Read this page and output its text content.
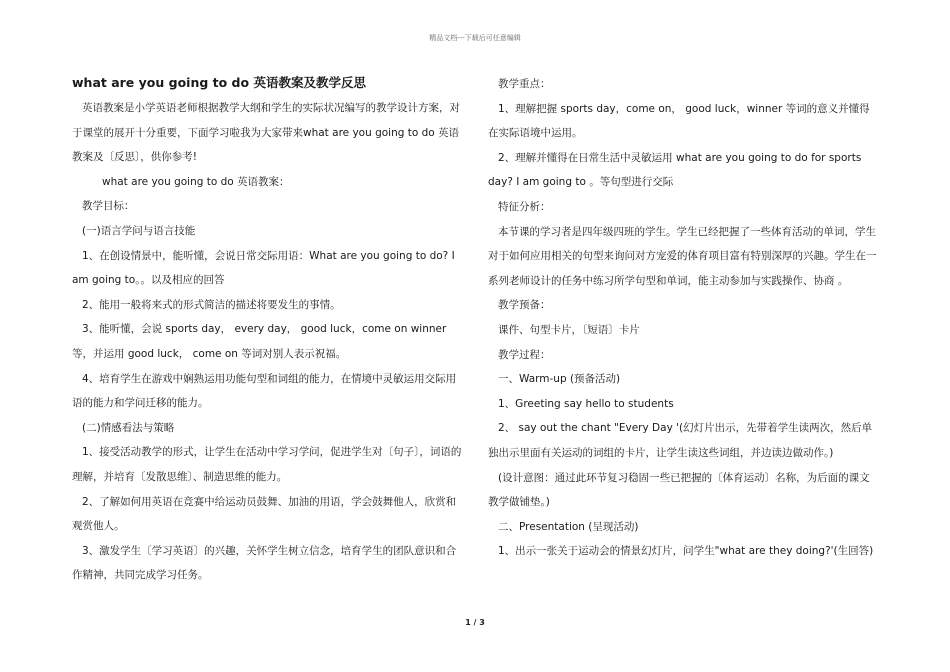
精品文档---下载后可任意编辑
what are you going to do 英语教案及教学反思

英语教案是小学英语老师根据教学大纲和学生的实际状况编写的教学设计方案，对于课堂的展开十分重要，下面学习啦我为大家带来what are you going to do 英语教案及〔反思〕，供你参考!

what are you going to do 英语教案：

教学目标：

(一)语言学问与语言技能

1、在创设情景中，能听懂，会说日常交际用语：What are you going to do? I am going to。。以及相应的回答

2、能用一般将来式的形式简洁的描述将要发生的事情。

3、能听懂，会说 sports day， every day， good luck，come on winner 等，并运用 good luck， come on 等词对别人表示祝福。

4、培育学生在游戏中娴熟运用功能句型和词组的能力，在情境中灵敏运用交际用语的能力和学问迁移的能力。

(二)情感看法与策略

1、接受活动教学的形式，让学生在活动中学习学问，促进学生对〔句子〕，词语的理解，并培育〔发散思维〕、制造思维的能力。

2、了解如何用英语在竞赛中给运动员鼓舞、加油的用语，学会鼓舞他人，欣赏和观赏他人。

3、激发学生〔学习英语〕的兴趣，关怀学生树立信念，培育学生的团队意识和合作精神，共同完成学习任务。

教学重点：

1、理解把握 sports day，come on， good luck，winner 等词的意义并懂得在实际语境中运用。

2、理解并懂得在日常生活中灵敏运用 what are you going to do for sports day? I am going to 。等句型进行交际

特征分析：

本节课的学习者是四年级四班的学生。学生已经把握了一些体育活动的单词，学生对于如何应用相关的句型来询问对方宠爱的体育项目富有特别深厚的兴趣。学生在一系列老师设计的任务中练习所学句型和单词，能主动参加与实践操作、协商 。

教学预备：

课件、句型卡片，〔短语〕卡片

教学过程：

一、Warm-up (预备活动)

1、Greeting say hello to students

2、 say out the chant "Every Day '(幻灯片出示，先带着学生读两次，然后单独出示里面有关运动的词组的卡片，让学生读这些词组，并边读边做动作。)

(设计意图：通过此环节复习稳固一些已把握的〔体育运动〕名称，为后面的课文教学做铺垫。)

二、Presentation (呈现活动)

1、出示一张关于运动会的情景幻灯片，问学生"what are they doing?'(生回答)

1 / 3
